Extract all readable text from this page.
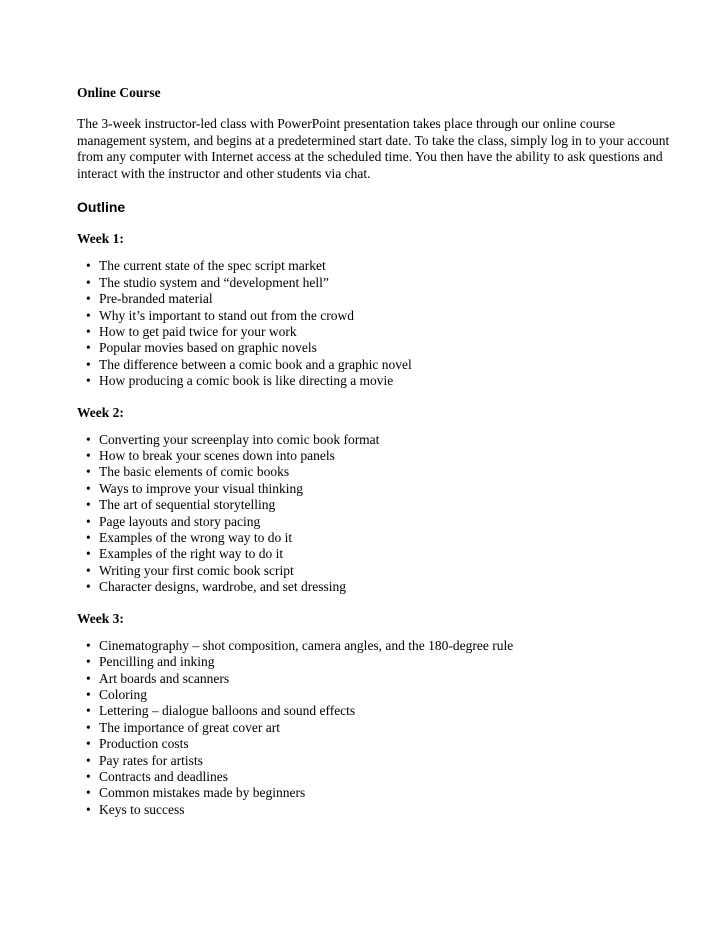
Online Course

The 3-week instructor-led class with PowerPoint presentation takes place through our online course management system, and begins at a predetermined start date. To take the class, simply log in to your account from any computer with Internet access at the scheduled time. You then have the ability to ask questions and interact with the instructor and other students via chat.

Outline

Week 1:

• The current state of the spec script market
• The studio system and “development hell”
• Pre-branded material
• Why it’s important to stand out from the crowd
• How to get paid twice for your work
• Popular movies based on graphic novels
• The difference between a comic book and a graphic novel
• How producing a comic book is like directing a movie

Week 2:

• Converting your screenplay into comic book format
• How to break your scenes down into panels
• The basic elements of comic books
• Ways to improve your visual thinking
• The art of sequential storytelling
• Page layouts and story pacing
• Examples of the wrong way to do it
• Examples of the right way to do it
• Writing your first comic book script
• Character designs, wardrobe, and set dressing

Week 3:

• Cinematography – shot composition, camera angles, and the 180-degree rule
• Pencilling and inking
• Art boards and scanners
• Coloring
• Lettering – dialogue balloons and sound effects
• The importance of great cover art
• Production costs
• Pay rates for artists
• Contracts and deadlines
• Common mistakes made by beginners
• Keys to success
